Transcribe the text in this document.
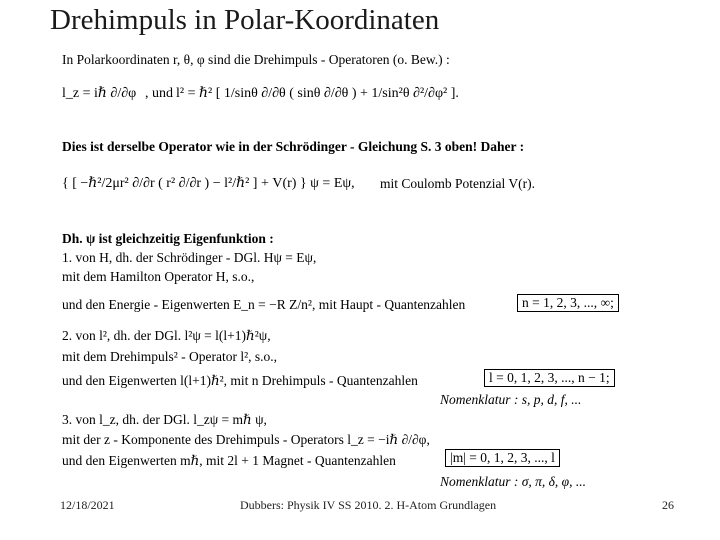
Drehimpuls in Polar-Koordinaten
In Polarkoordinaten r, θ, φ sind die Drehimpuls - Operatoren (o. Bew.) :
l_z = iℏ ∂/∂φ , und l² = ℏ² [ 1/sinθ ∂/∂θ ( sinθ ∂/∂θ ) + 1/sin²θ ∂²/∂φ² ].
Dies ist derselbe Operator wie in der Schrödinger - Gleichung S. 3 oben! Daher :
{ [ −ℏ²/2μr² ∂/∂r ( r² ∂/∂r ) − l²/ℏ² ] + V(r) } ψ = Eψ, mit Coulomb Potenzial V(r).
Dh. ψ ist gleichzeitig Eigenfunktion :
1. von H, dh. der Schrödinger - DGl. Hψ = Eψ,
mit dem Hamilton Operator H, s.o.,
und den Energie - Eigenwerten E_n = −R Z/n², mit Haupt - Quantenzahlen	n = 1, 2, 3, ..., ∞;
2. von l², dh. der DGl. l²ψ = l(l+1)ℏ²ψ,
mit dem Drehimpuls² - Operator l², s.o.,
und den Eigenwerten l(l+1)ℏ², mit n Drehimpuls - Quantenzahlen	l = 0, 1, 2, 3, ..., n − 1;
Nomenklatur : s, p, d, f, ...
3. von l_z, dh. der DGl. l_zψ = mℏ ψ,
mit der z - Komponente des Drehimpuls - Operators l_z = −iℏ ∂/∂φ,
und den Eigenwerten mℏ, mit 2l + 1 Magnet - Quantenzahlen	|m| = 0, 1, 2, 3, ..., l
Nomenklatur : σ, π, δ, φ, ...
12/18/2021	Dubbers: Physik IV SS 2010. 2. H-Atom Grundlagen	26
